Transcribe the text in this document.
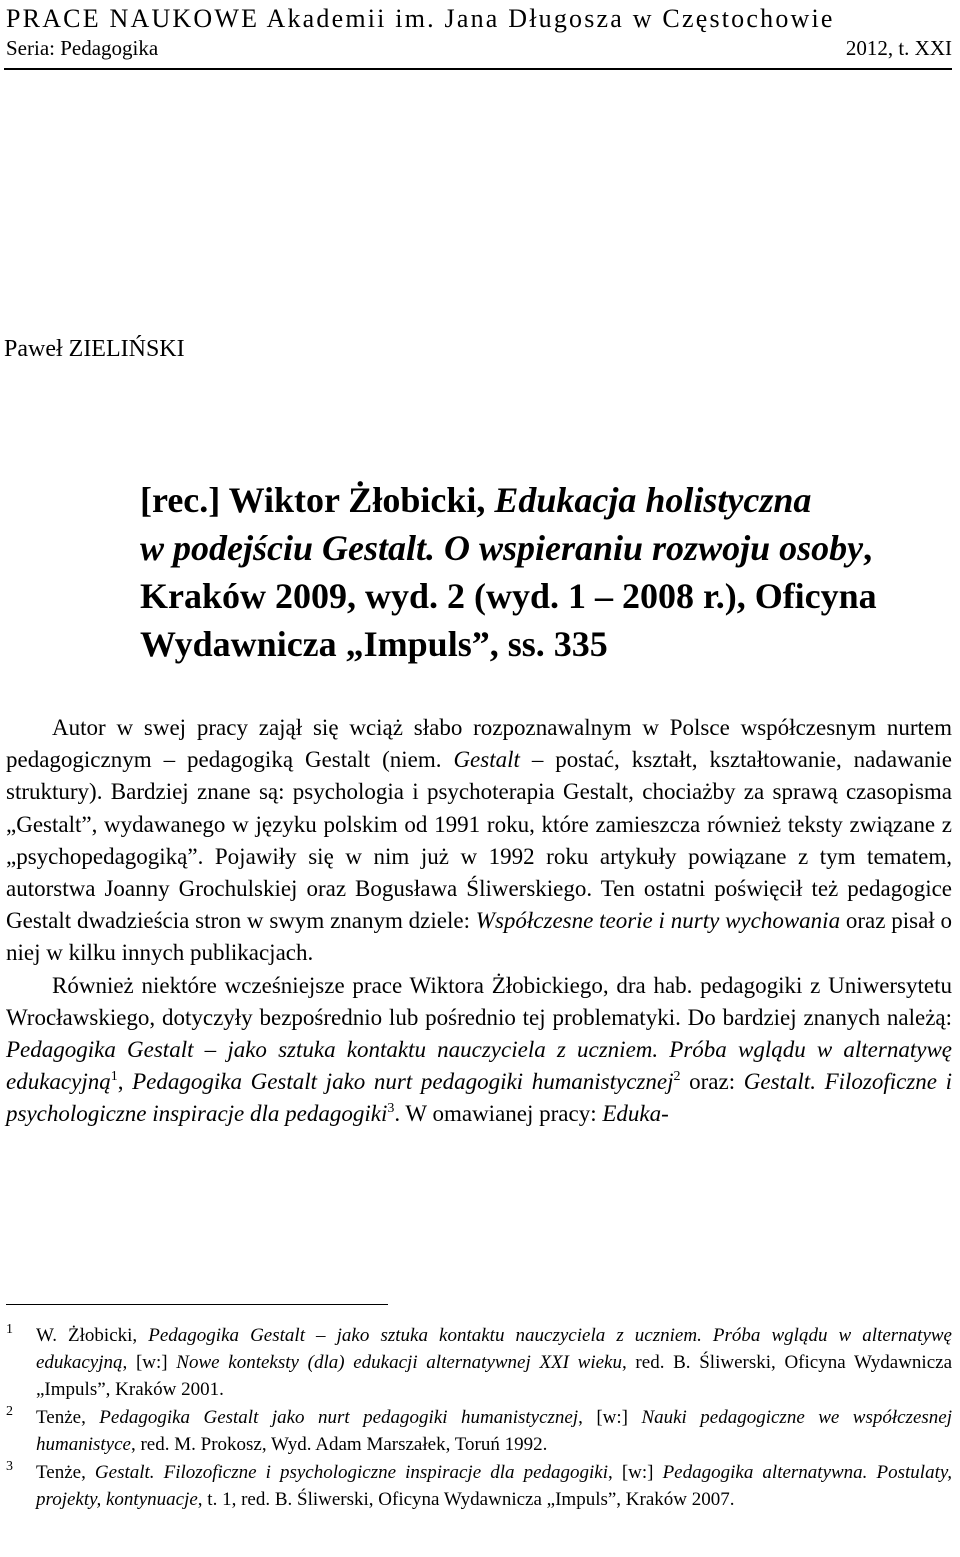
PRACE NAUKOWE Akademii im. Jana Długosza w Częstochowie
Seria: Pedagogika	2012, t. XXI
Paweł ZIELIŃSKI
[rec.] Wiktor Żłobicki, Edukacja holistyczna
w podejściu Gestalt. O wspieraniu rozwoju osoby,
Kraków 2009, wyd. 2 (wyd. 1 – 2008 r.), Oficyna
Wydawnicza „Impuls”, ss. 335

Autor w swej pracy zajął się wciąż słabo rozpoznawalnym w Polsce współczesnym nurtem pedagogicznym – pedagogiką Gestalt (niem. Gestalt – postać, kształt, kształtowanie, nadawanie struktury). Bardziej znane są: psychologia i psychoterapia Gestalt, chociażby za sprawą czasopisma „Gestalt”, wydawanego w języku polskim od 1991 roku, które zamieszcza również teksty związane z „psychopedagogiką”. Pojawiły się w nim już w 1992 roku artykuły powiązane z tym tematem, autorstwa Joanny Grochulskiej oraz Bogusława Śliwerskiego. Ten ostatni poświęcił też pedagogice Gestalt dwadzieścia stron w swym znanym dziele: Współczesne teorie i nurty wychowania oraz pisał o niej w kilku innych publikacjach.

Również niektóre wcześniejsze prace Wiktora Żłobickiego, dra hab. pedagogiki z Uniwersytetu Wrocławskiego, dotyczyły bezpośrednio lub pośrednio tej problematyki. Do bardziej znanych należą: Pedagogika Gestalt – jako sztuka kontaktu nauczyciela z uczniem. Próba wglądu w alternatywę edukacyjną$^1$, Pedagogika Gestalt jako nurt pedagogiki humanistycznej$^2$ oraz: Gestalt. Filozoficzne i psychologiczne inspiracje dla pedagogiki$^3$. W omawianej pracy: Eduka-

1 W. Żłobicki, Pedagogika Gestalt – jako sztuka kontaktu nauczyciela z uczniem. Próba wglądu w alternatywę edukacyjną, [w:] Nowe konteksty (dla) edukacji alternatywnej XXI wieku, red. B. Śliwerski, Oficyna Wydawnicza „Impuls”, Kraków 2001.
2 Tenże, Pedagogika Gestalt jako nurt pedagogiki humanistycznej, [w:] Nauki pedagogiczne we współczesnej humanistyce, red. M. Prokosz, Wyd. Adam Marszałek, Toruń 1992.
3 Tenże, Gestalt. Filozoficzne i psychologiczne inspiracje dla pedagogiki, [w:] Pedagogika alternatywna. Postulaty, projekty, kontynuacje, t. 1, red. B. Śliwerski, Oficyna Wydawnicza „Impuls”, Kraków 2007.
